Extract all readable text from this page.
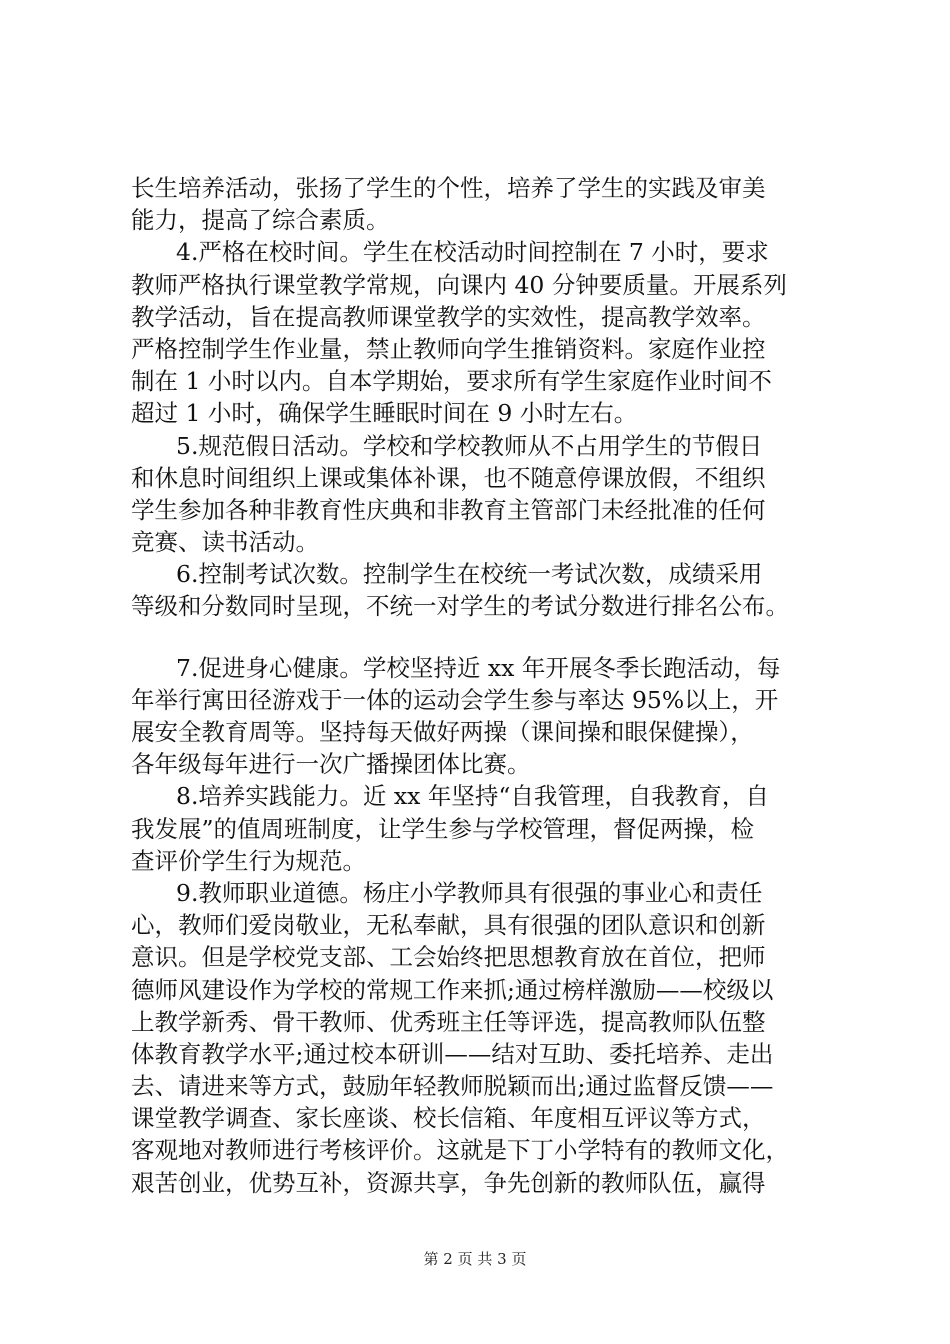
长生培养活动，张扬了学生的个性，培养了学生的实践及审美
能力，提高了综合素质。
4.严格在校时间。学生在校活动时间控制在 7 小时，要求
教师严格执行课堂教学常规，向课内 40 分钟要质量。开展系列
教学活动，旨在提高教师课堂教学的实效性，提高教学效率。
严格控制学生作业量，禁止教师向学生推销资料。家庭作业控
制在 1 小时以内。自本学期始，要求所有学生家庭作业时间不
超过 1 小时，确保学生睡眠时间在 9 小时左右。
5.规范假日活动。学校和学校教师从不占用学生的节假日
和休息时间组织上课或集体补课，也不随意停课放假，不组织
学生参加各种非教育性庆典和非教育主管部门未经批准的任何
竞赛、读书活动。
6.控制考试次数。控制学生在校统一考试次数，成绩采用
等级和分数同时呈现，不统一对学生的考试分数进行排名公布。
7.促进身心健康。学校坚持近 xx 年开展冬季长跑活动，每
年举行寓田径游戏于一体的运动会学生参与率达 95%以上，开
展安全教育周等。坚持每天做好两操（课间操和眼保健操），
各年级每年进行一次广播操团体比赛。
8.培养实践能力。近 xx 年坚持“自我管理，自我教育，自
我发展”的值周班制度，让学生参与学校管理，督促两操，检
查评价学生行为规范。
9.教师职业道德。杨庄小学教师具有很强的事业心和责任
心，教师们爱岗敬业，无私奉献，具有很强的团队意识和创新
意识。但是学校党支部、工会始终把思想教育放在首位，把师
德师风建设作为学校的常规工作来抓;通过榜样激励——校级以
上教学新秀、骨干教师、优秀班主任等评选，提高教师队伍整
体教育教学水平;通过校本研训——结对互助、委托培养、走出
去、请进来等方式，鼓励年轻教师脱颖而出;通过监督反馈——
课堂教学调查、家长座谈、校长信箱、年度相互评议等方式，
客观地对教师进行考核评价。这就是下丁小学特有的教师文化，
艰苦创业，优势互补，资源共享，争先创新的教师队伍，赢得
第 2 页 共 3 页
